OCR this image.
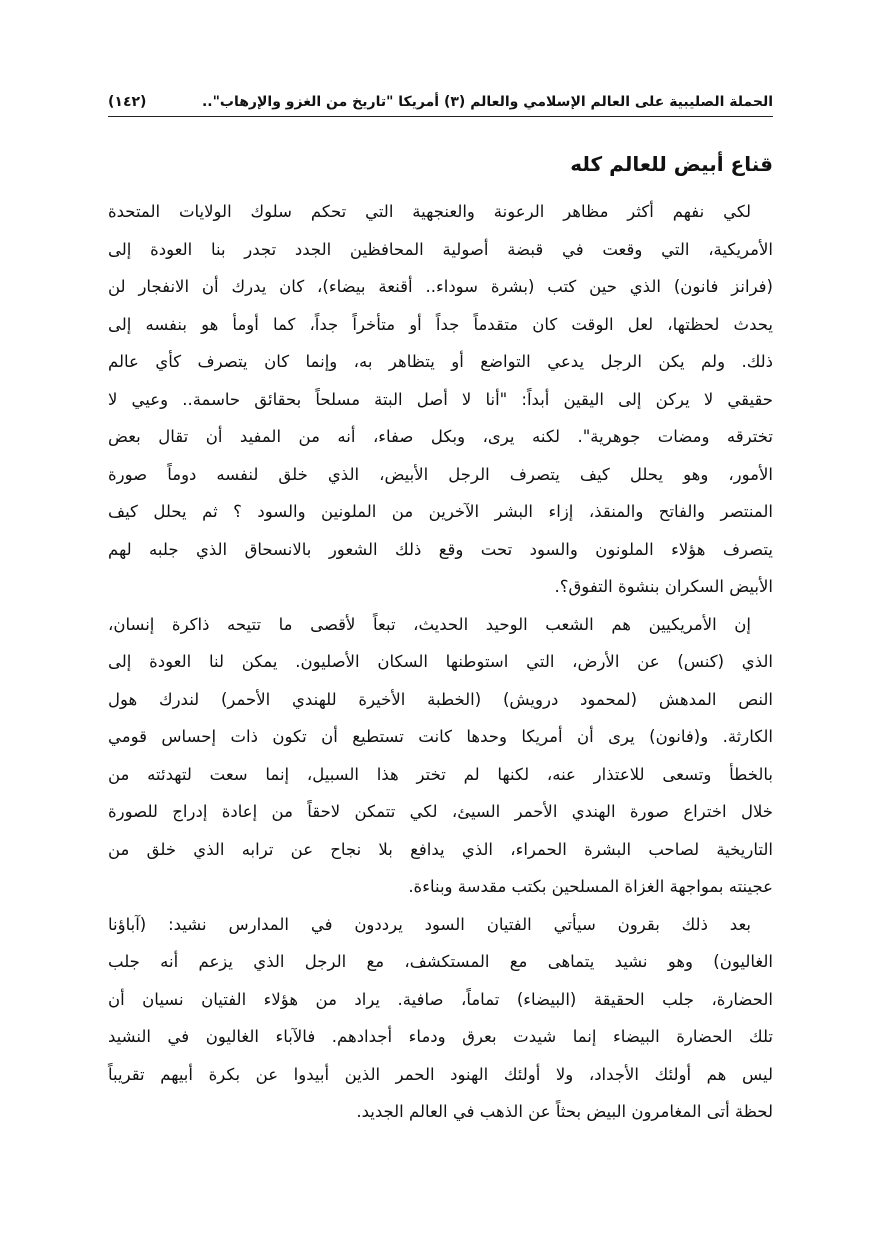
الحملة الصليبية على العالم الإسلامي والعالم (٣) أمريكا "تاريخ من الغزو والإرهاب"..
(١٤٢)
قناع أبيض للعالم كله
لكي نفهم أكثر مظاهر الرعونة والعنجهية التي تحكم سلوك الولايات المتحدة
الأمريكية، التي وقعت في قبضة أصولية المحافظين الجدد تجدر بنا العودة إلى
(فرانز فانون) الذي حين كتب (بشرة سوداء.. أقنعة بيضاء)، كان يدرك أن الانفجار لن
يحدث لحظتها، لعل الوقت كان متقدماً جداً أو متأخراً جداً، كما أومأ هو بنفسه إلى
ذلك. ولم يكن الرجل يدعي التواضع أو يتظاهر به، وإنما كان يتصرف كأي عالم
حقيقي لا يركن إلى اليقين أبداً: "أنا لا أصل البتة مسلحاً بحقائق حاسمة.. وعيي لا
تخترقه ومضات جوهرية". لكنه يرى، وبكل صفاء، أنه من المفيد أن تقال بعض
الأمور، وهو يحلل كيف يتصرف الرجل الأبيض، الذي خلق لنفسه دوماً صورة
المنتصر والفاتح والمنقذ، إزاء البشر الآخرين من الملونين والسود ؟ ثم يحلل كيف
يتصرف هؤلاء الملونون والسود تحت وقع ذلك الشعور بالانسحاق الذي جلبه لهم
الأبيض السكران بنشوة التفوق؟.
إن الأمريكيين هم الشعب الوحيد الحديث، تبعاً لأقصى ما تتيحه ذاكرة إنسان،
الذي (كنس) عن الأرض، التي استوطنها السكان الأصليون. يمكن لنا العودة إلى
النص المدهش (لمحمود درويش) (الخطبة الأخيرة للهندي الأحمر) لندرك هول
الكارثة. و(فانون) يرى أن أمريكا وحدها كانت تستطيع أن تكون ذات إحساس قومي
بالخطأ وتسعى للاعتذار عنه، لكنها لم تختر هذا السبيل، إنما سعت لتهدئته من
خلال اختراع صورة الهندي الأحمر السيئ، لكي تتمكن لاحقاً من إعادة إدراج للصورة
التاريخية لصاحب البشرة الحمراء، الذي يدافع بلا نجاح عن ترابه الذي خلق من
عجينته بمواجهة الغزاة المسلحين بكتب مقدسة وبناءة.
بعد ذلك بقرون سيأتي الفتيان السود يرددون في المدارس نشيد: (آباؤنا
الغاليون) وهو نشيد يتماهى مع المستكشف، مع الرجل الذي يزعم أنه جلب
الحضارة، جلب الحقيقة (البيضاء) تماماً، صافية. يراد من هؤلاء الفتيان نسيان أن
تلك الحضارة البيضاء إنما شيدت بعرق ودماء أجدادهم. فالآباء الغاليون في النشيد
ليس هم أولئك الأجداد، ولا أولئك الهنود الحمر الذين أبيدوا عن بكرة أبيهم تقريباً
لحظة أتى المغامرون البيض بحثاً عن الذهب في العالم الجديد.
